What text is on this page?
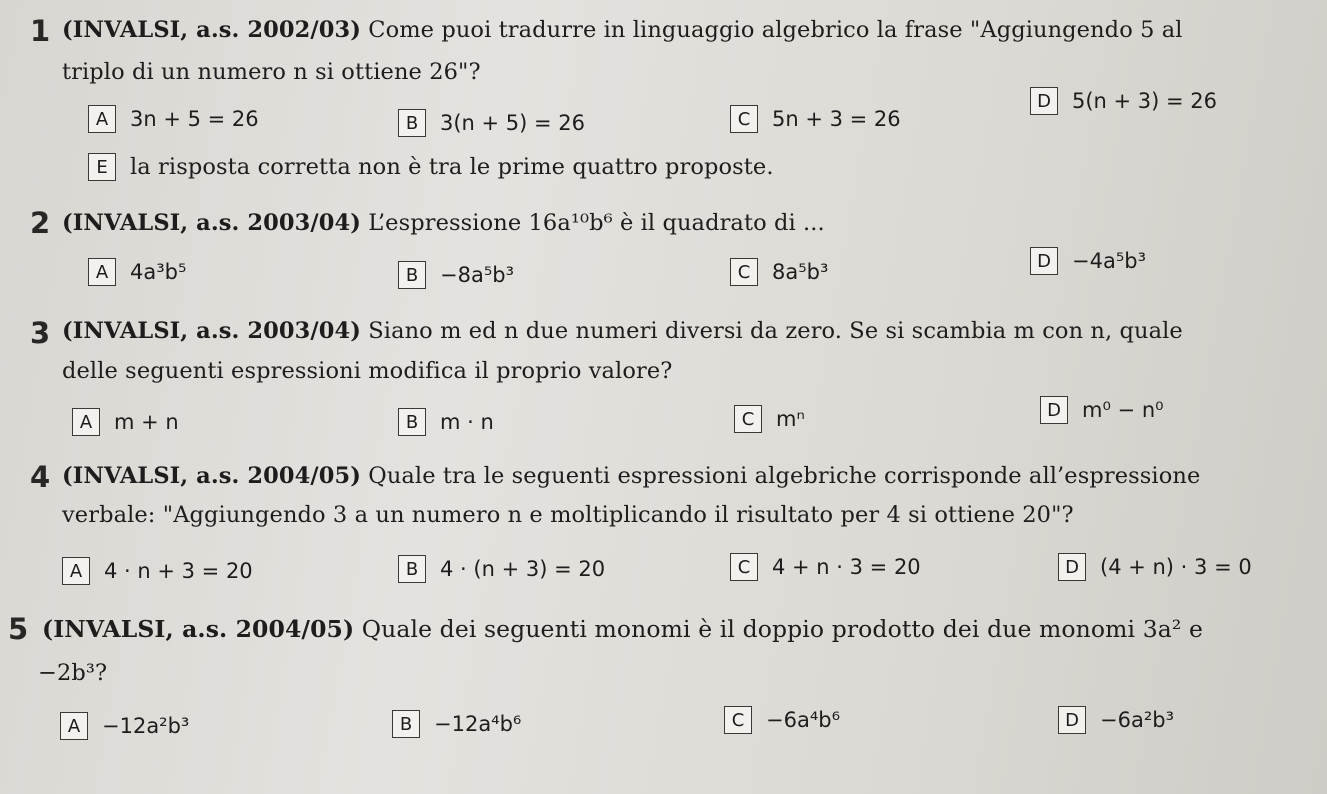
1 (INVALSI, a.s. 2002/03) Come puoi tradurre in linguaggio algebrico la frase "Aggiungendo 5 al
triplo di un numero n si ottiene 26"?
A	3n + 5 = 26	B	3(n + 5) = 26	C	5n + 3 = 26
D	5(n + 3) = 26
E la risposta corretta non è tra le prime quattro proposte.
2 (INVALSI, a.s. 2003/04) L’espressione 16a¹⁰b⁶ è il quadrato di ...
A	4a³b⁵	B	−8a⁵b³	C	8a⁵b³	D	−4a⁵b³
3 (INVALSI, a.s. 2003/04) Siano m ed n due numeri diversi da zero. Se si scambia m con n, quale
delle seguenti espressioni modifica il proprio valore?
A	m + n	B	m · n	C	mⁿ	D	m⁰ − n⁰
4 (INVALSI, a.s. 2004/05) Quale tra le seguenti espressioni algebriche corrisponde all’espressione
verbale: "Aggiungendo 3 a un numero n e moltiplicando il risultato per 4 si ottiene 20"?
A	4 · n + 3 = 20	B	4 · (n + 3) = 20	C	4 + n · 3 = 20	D	(4 + n) · 3 = 0
5 (INVALSI, a.s. 2004/05) Quale dei seguenti monomi è il doppio prodotto dei due monomi 3a² e
−2b³?
A	−12a²b³	B	−12a⁴b⁶	C	−6a⁴b⁶	D	−6a²b³
